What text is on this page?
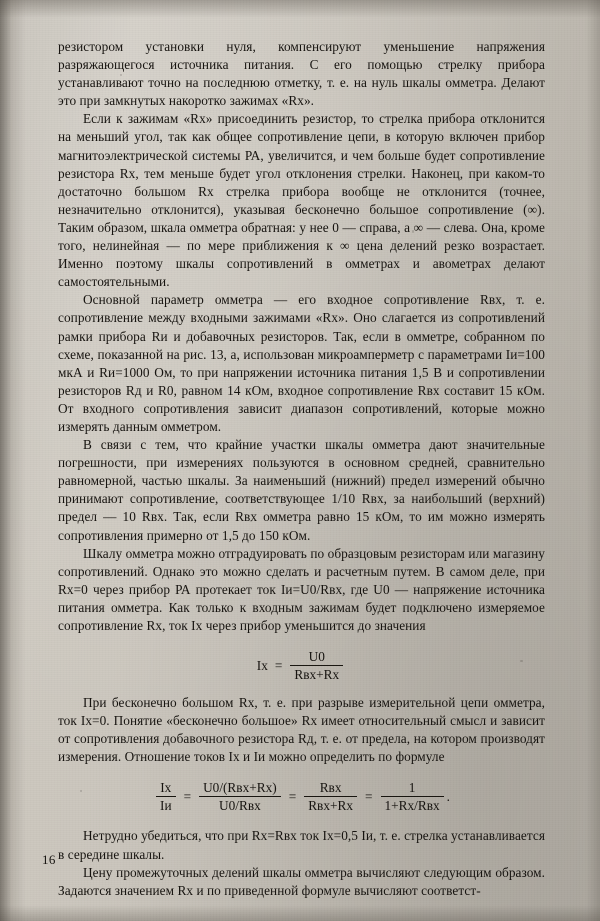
резистором установки нуля, компенсируют уменьшение напряжения разряжающегося источника питания. С его помощью стрелку прибора устанавливают точно на последнюю отметку, т. е. на нуль шкалы омметра. Делают это при замкнутых накоротко зажимах «Rx».

Если к зажимам «Rx» присоединить резистор, то стрелка прибора отклонится на меньший угол, так как общее сопротивление цепи, в которую включен прибор магнитоэлектрической системы РА, увеличится, и чем больше будет сопротивление резистора Rx, тем меньше будет угол отклонения стрелки. Наконец, при каком-то достаточно большом Rx стрелка прибора вообще не отклонится (точнее, незначительно отклонится), указывая бесконечно большое сопротивление (∞). Таким образом, шкала омметра обратная: у нее 0 — справа, а ∞ — слева. Она, кроме того, нелинейная — по мере приближения к ∞ цена делений резко возрастает. Именно поэтому шкалы сопротивлений в омметрах и авометрах делают самостоятельными.

Основной параметр омметра — его входное сопротивление Rвх, т. е. сопротивление между входными зажимами «Rx». Оно слагается из сопротивлений рамки прибора Rи и добавочных резисторов. Так, если в омметре, собранном по схеме, показанной на рис. 13, а, использован микроамперметр с параметрами Iи=100 мкА и Rи=1000 Ом, то при напряжении источника питания 1,5 В и сопротивлении резисторов Rд и R0, равном 14 кОм, входное сопротивление Rвх составит 15 кОм. От входного сопротивления зависит диапазон сопротивлений, которые можно измерять данным омметром.

В связи с тем, что крайние участки шкалы омметра дают значительные погрешности, при измерениях пользуются в основном средней, сравнительно равномерной, частью шкалы. За наименьший (нижний) предел измерений обычно принимают сопротивление, соответствующее 1/10 Rвх, за наибольший (верхний) предел — 10 Rвх. Так, если Rвх омметра равно 15 кОм, то им можно измерять сопротивления примерно от 1,5 до 150 кОм.

Шкалу омметра можно отградуировать по образцовым резисторам или магазину сопротивлений. Однако это можно сделать и расчетным путем. В самом деле, при Rx=0 через прибор РА протекает ток Iи=U0/Rвх, где U0 — напряжение источника питания омметра. Как только к входным зажимам будет подключено измеряемое сопротивление Rx, ток Ix через прибор уменьшится до значения

$Ix = \frac{U0}{\text{Rвх+Rx}}$

При бесконечно большом Rx, т. е. при разрыве измерительной цепи омметра, ток Ix=0. Понятие «бесконечно большое» Rx имеет относительный смысл и зависит от сопротивления добавочного резистора Rд, т. е. от предела, на котором производят измерения. Отношение токов Ix и Iи можно определить по формуле

$\frac{Ix}{Iи} = \frac{\text{U0/(Rвх+Rx)}}{\text{U0/Rвх}} = \frac{\text{Rвх}}{\text{Rвх+Rx}} = \frac{1}{\text{1+Rx/Rвх}}$ .

Нетрудно убедиться, что при Rx=Rвх ток Ix=0,5 Iи, т. е. стрелка устанавливается в середине шкалы.

Цену промежуточных делений шкалы омметра вычисляют следующим образом. Задаются значением Rx и по приведенной формуле вычисляют соответст-

16
